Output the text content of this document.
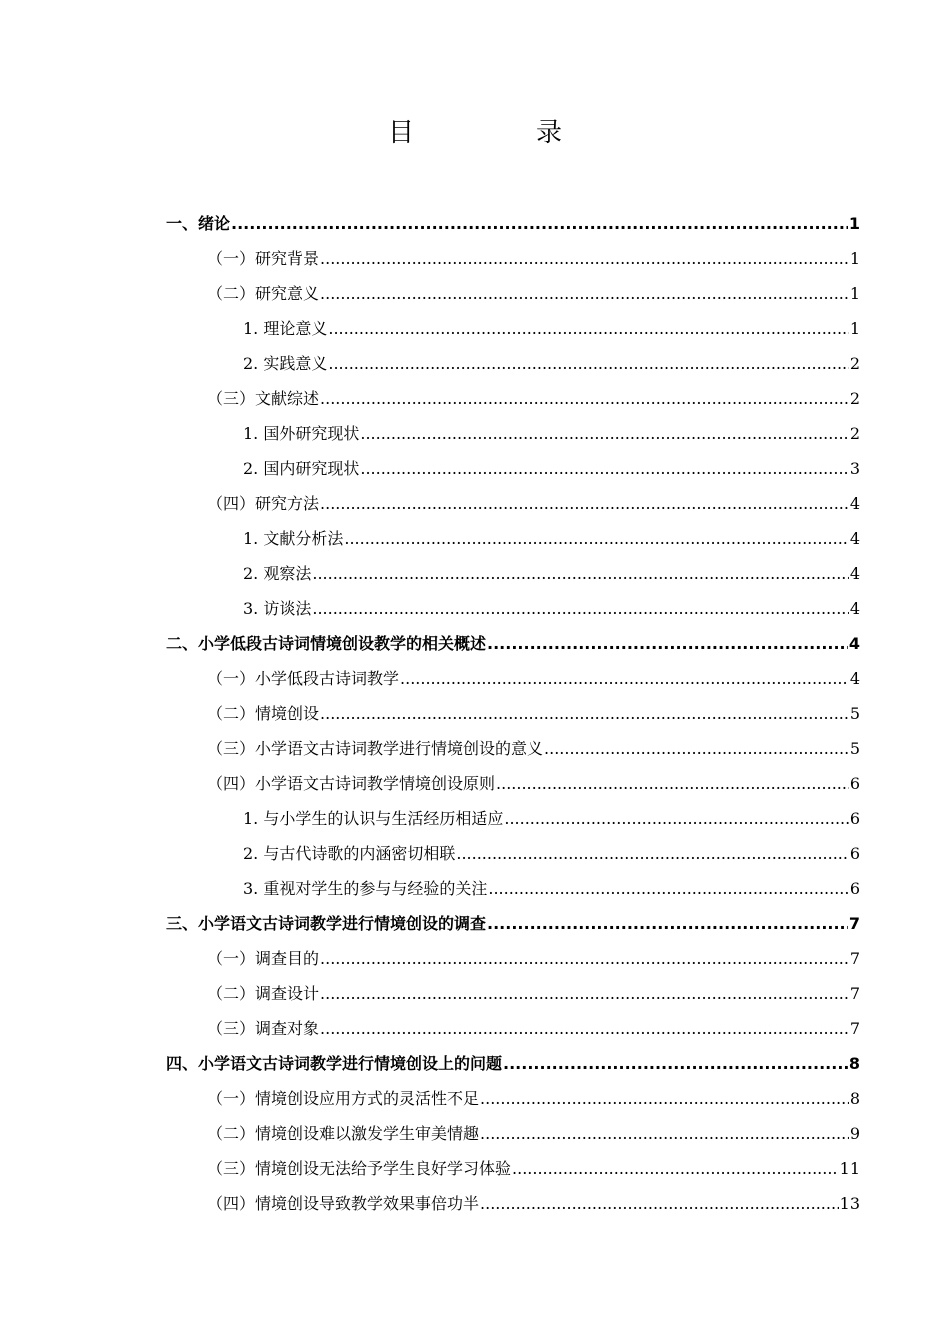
目　录
一、绪论 .....	1
（一）研究背景 .....	1
（二）研究意义 .....	1
1. 理论意义 .....	1
2. 实践意义 .....	2
（三）文献综述 .....	2
1. 国外研究现状 .....	2
2. 国内研究现状 .....	3
（四）研究方法 .....	4
1. 文献分析法 .....	4
2. 观察法 .....	4
3. 访谈法 .....	4
二、小学低段古诗词情境创设教学的相关概述 .....	4
（一）小学低段古诗词教学 .....	4
（二）情境创设 .....	5
（三）小学语文古诗词教学进行情境创设的意义 .....	5
（四）小学语文古诗词教学情境创设原则 .....	6
1. 与小学生的认识与生活经历相适应 .....	6
2. 与古代诗歌的内涵密切相联 .....	6
3. 重视对学生的参与与经验的关注 .....	6
三、小学语文古诗词教学进行情境创设的调查 .....	7
（一）调查目的 .....	7
（二）调查设计 .....	7
（三）调查对象 .....	7
四、小学语文古诗词教学进行情境创设上的问题 .....	8
（一）情境创设应用方式的灵活性不足 .....	8
（二）情境创设难以激发学生审美情趣 .....	9
（三）情境创设无法给予学生良好学习体验 .....	11
（四）情境创设导致教学效果事倍功半 .....	13
